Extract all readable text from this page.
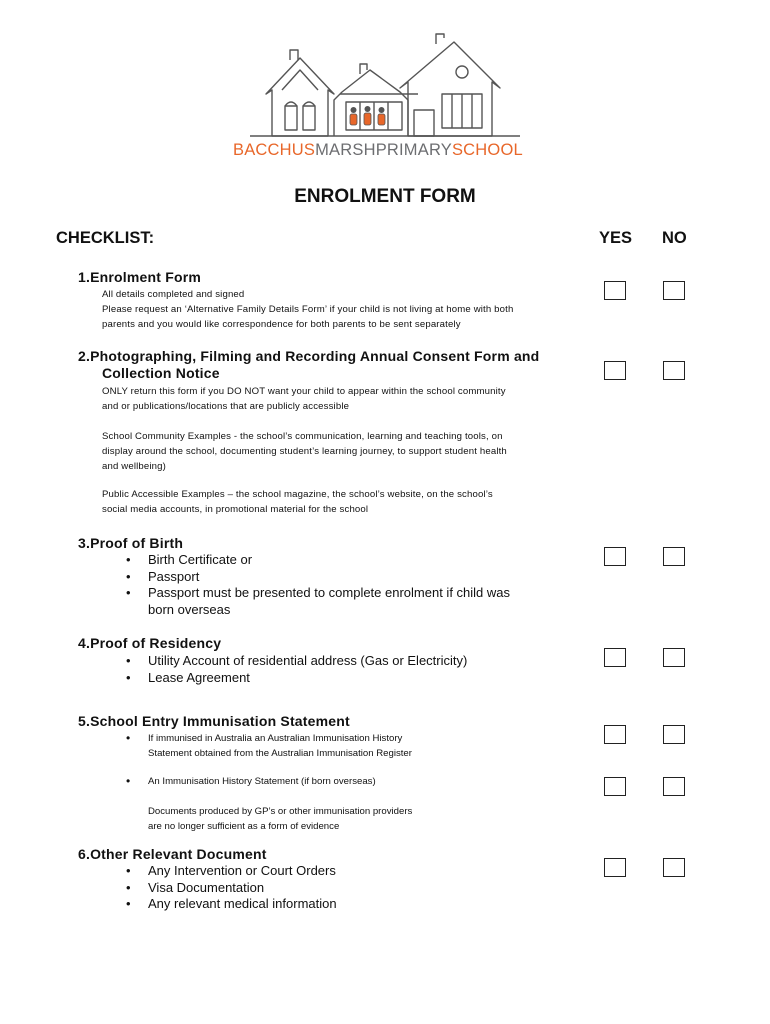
BACCHUSMARSHPRIMARYSCHOOL
ENROLMENT FORM
CHECKLIST:	YES NO
1.Enrolment Form
All details completed and signed
Please request an ‘Alternative Family Details Form’ if your child is not living at home with both
parents and you would like correspondence for both parents to be sent separately
2.Photographing, Filming and Recording Annual Consent Form and
Collection Notice
ONLY return this form if you DO NOT want your child to appear within the school community
and or publications/locations that are publicly accessible
School Community Examples - the school’s communication, learning and teaching tools, on
display around the school, documenting student’s learning journey, to support student health
and wellbeing)
Public Accessible Examples – the school magazine, the school’s website, on the school’s
social media accounts, in promotional material for the school
3.Proof of Birth
• Birth Certificate or
• Passport
• Passport must be presented to complete enrolment if child was
born overseas
4.Proof of Residency
• Utility Account of residential address (Gas or Electricity)
• Lease Agreement
5.School Entry Immunisation Statement
• If immunised in Australia an Australian Immunisation History
Statement obtained from the Australian Immunisation Register
• An Immunisation History Statement (if born overseas)
Documents produced by GP’s or other immunisation providers
are no longer sufficient as a form of evidence
6.Other Relevant Document
• Any Intervention or Court Orders
• Visa Documentation
• Any relevant medical information
